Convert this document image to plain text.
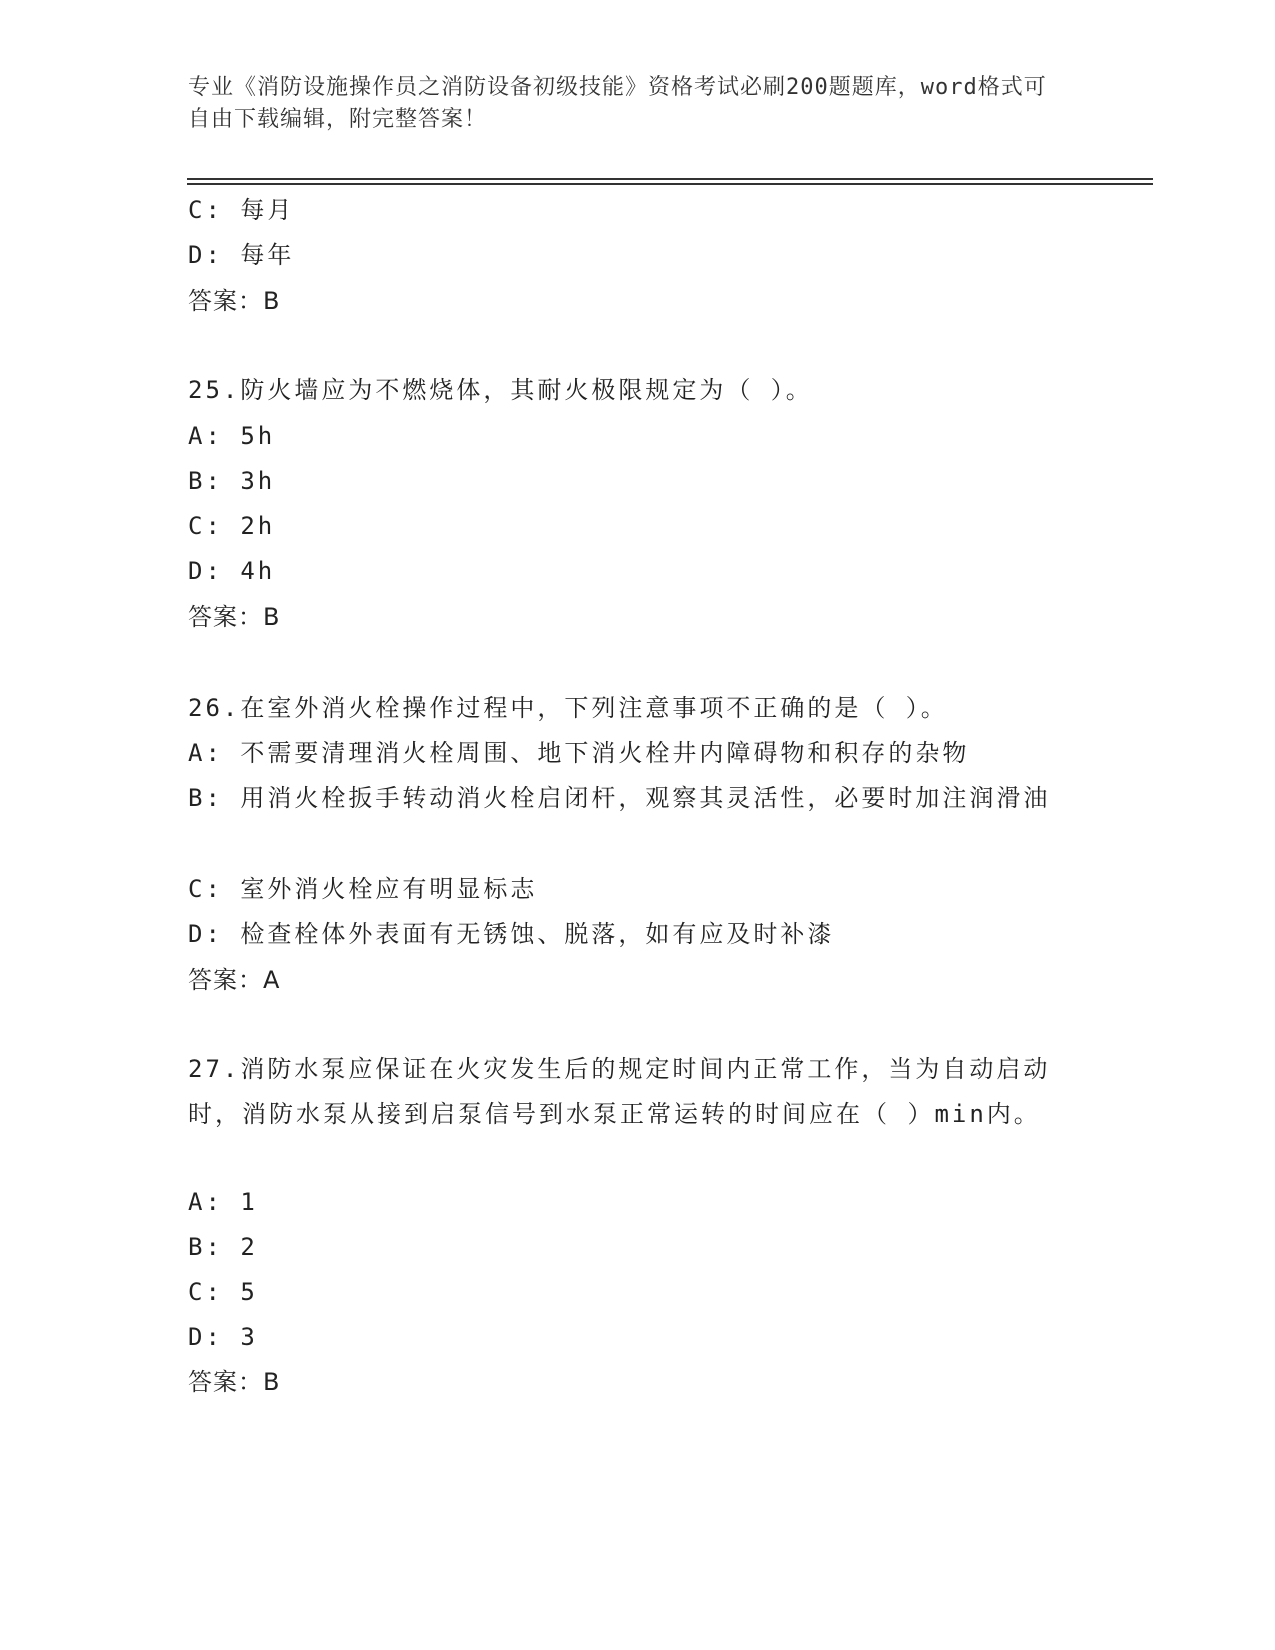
专业《消防设施操作员之消防设备初级技能》资格考试必刷200题题库，word格式可自由下载编辑，附完整答案！
C: 每月
D: 每年
答案：B
25.防火墙应为不燃烧体，其耐火极限规定为（ ）。
A: 5h
B: 3h
C: 2h
D: 4h
答案：B
26.在室外消火栓操作过程中，下列注意事项不正确的是（ ）。
A: 不需要清理消火栓周围、地下消火栓井内障碍物和积存的杂物
B: 用消火栓扳手转动消火栓启闭杆，观察其灵活性，必要时加注润滑油
C: 室外消火栓应有明显标志
D: 检查栓体外表面有无锈蚀、脱落，如有应及时补漆
答案：A
27.消防水泵应保证在火灾发生后的规定时间内正常工作，当为自动启动时，消防水泵从接到启泵信号到水泵正常运转的时间应在（ ）min内。
A: 1
B: 2
C: 5
D: 3
答案：B
